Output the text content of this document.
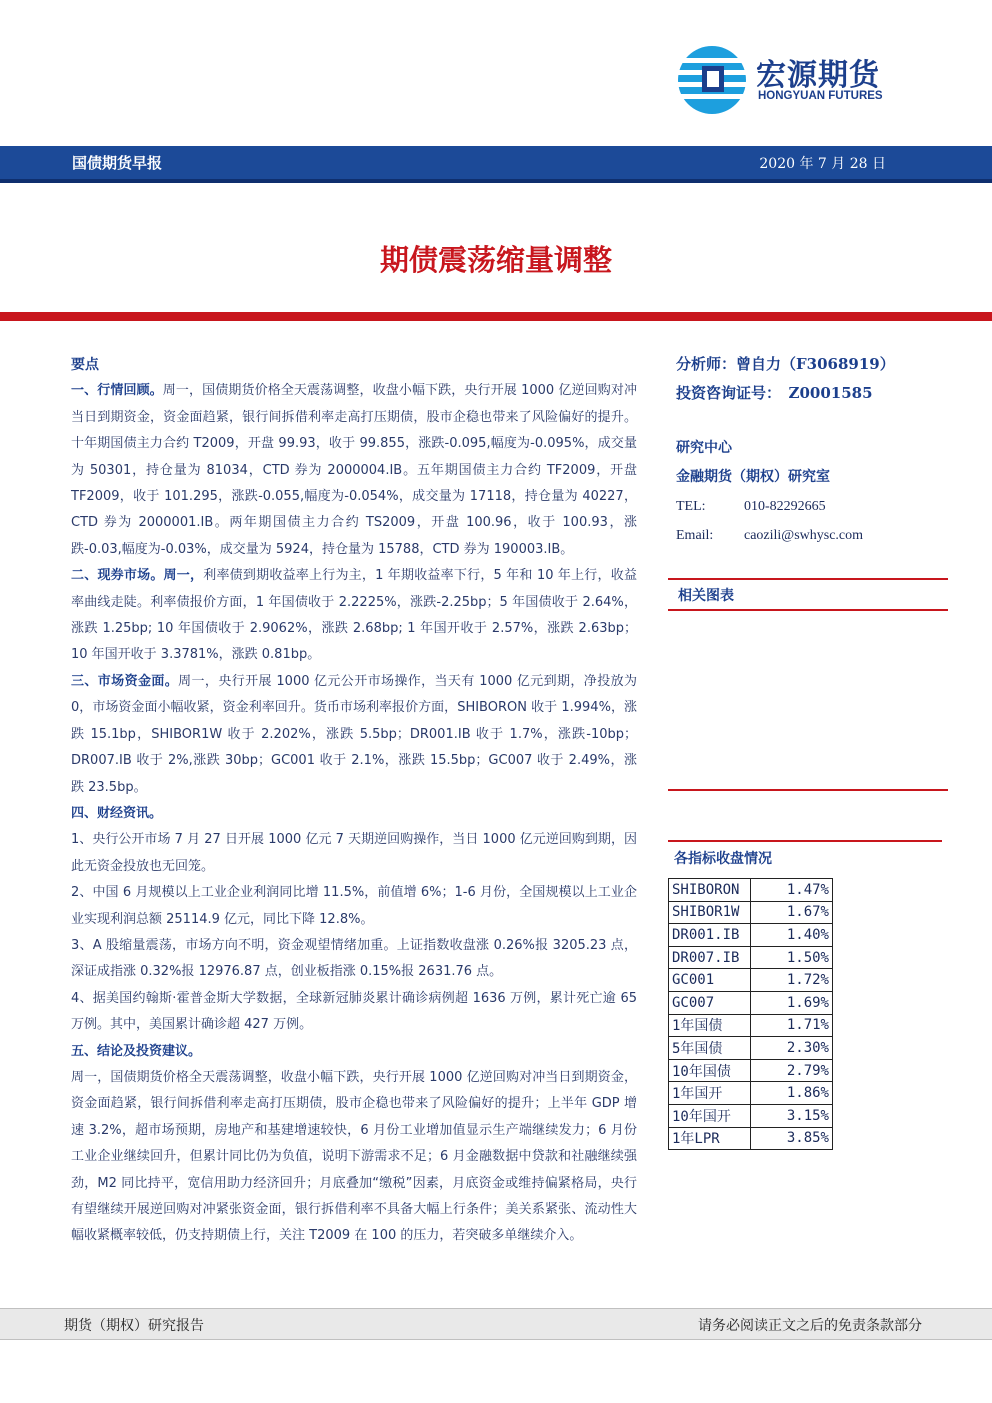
宏源期货
HONGYUAN FUTURES
国债期货早报	2020 年 7 月 28 日
期债震荡缩量调整

要点

一、行情回顾。周一，国债期货价格全天震荡调整，收盘小幅下跌，央行开展 1000 亿逆回购对冲当日到期资金，资金面趋紧，银行间拆借利率走高打压期债，股市企稳也带来了风险偏好的提升。十年期国债主力合约 T2009，开盘 99.93，收于 99.855，涨跌-0.095,幅度为-0.095%，成交量为 50301，持仓量为 81034，CTD 券为 2000004.IB。五年期国债主力合约 TF2009，开盘 TF2009，收于 101.295，涨跌-0.055,幅度为-0.054%，成交量为 17118，持仓量为 40227，CTD 券为 2000001.IB。两年期国债主力合约 TS2009，开盘 100.96，收于 100.93，涨跌-0.03,幅度为-0.03%，成交量为 5924，持仓量为 15788，CTD 券为 190003.IB。

二、现券市场。周一，利率债到期收益率上行为主，1 年期收益率下行，5 年和 10 年上行，收益率曲线走陡。利率债报价方面，1 年国债收于 2.2225%，涨跌-2.25bp；5 年国债收于 2.64%，涨跌 1.25bp; 10 年国债收于 2.9062%，涨跌 2.68bp; 1 年国开收于 2.57%，涨跌 2.63bp；10 年国开收于 3.3781%，涨跌 0.81bp。

三、市场资金面。周一，央行开展 1000 亿元公开市场操作，当天有 1000 亿元到期，净投放为 0，市场资金面小幅收紧，资金利率回升。货币市场利率报价方面，SHIBORON 收于 1.994%，涨跌 15.1bp，SHIBOR1W 收于 2.202%，涨跌 5.5bp；DR001.IB 收于 1.7%，涨跌-10bp；DR007.IB 收于 2%,涨跌 30bp；GC001 收于 2.1%，涨跌 15.5bp；GC007 收于 2.49%，涨跌 23.5bp。

四、财经资讯。

1、央行公开市场 7 月 27 日开展 1000 亿元 7 天期逆回购操作，当日 1000 亿元逆回购到期，因此无资金投放也无回笼。

2、中国 6 月规模以上工业企业利润同比增 11.5%，前值增 6%；1-6 月份，全国规模以上工业企业实现利润总额 25114.9 亿元，同比下降 12.8%。

3、A 股缩量震荡，市场方向不明，资金观望情绪加重。上证指数收盘涨 0.26%报 3205.23 点，深证成指涨 0.32%报 12976.87 点，创业板指涨 0.15%报 2631.76 点。

4、据美国约翰斯·霍普金斯大学数据，全球新冠肺炎累计确诊病例超 1636 万例，累计死亡逾 65 万例。其中，美国累计确诊超 427 万例。

五、结论及投资建议。

周一，国债期货价格全天震荡调整，收盘小幅下跌，央行开展 1000 亿逆回购对冲当日到期资金，资金面趋紧，银行间拆借利率走高打压期债，股市企稳也带来了风险偏好的提升；上半年 GDP 增速 3.2%，超市场预期，房地产和基建增速较快，6 月份工业增加值显示生产端继续发力；6 月份工业企业继续回升，但累计同比仍为负值，说明下游需求不足；6 月金融数据中贷款和社融继续强劲，M2 同比持平，宽信用助力经济回升；月底叠加“缴税”因素，月底资金或维持偏紧格局，央行有望继续开展逆回购对冲紧张资金面，银行拆借利率不具备大幅上行条件；美关系紧张、流动性大幅收紧概率较低，仍支持期债上行，关注 T2009 在 100 的压力，若突破多单继续介入。

分析师：曾自力（F3068919）
投资咨询证号：　Z0001585
研究中心
金融期货（期权）研究室
TEL:	010-82292665
Email: caozili@swhysc.com
相关图表
各指标收盘情况
SHIBORON	1.47%
SHIBOR1W	1.67%
DR001.IB	1.40%
DR007.IB	1.50%
GC001	1.72%
GC007	1.69%
1年国债	1.71%
5年国债	2.30%
10年国债	2.79%
1年国开	1.86%
10年国开	3.15%
1年LPR	3.85%
期货（期权）研究报告	请务必阅读正文之后的免责条款部分
